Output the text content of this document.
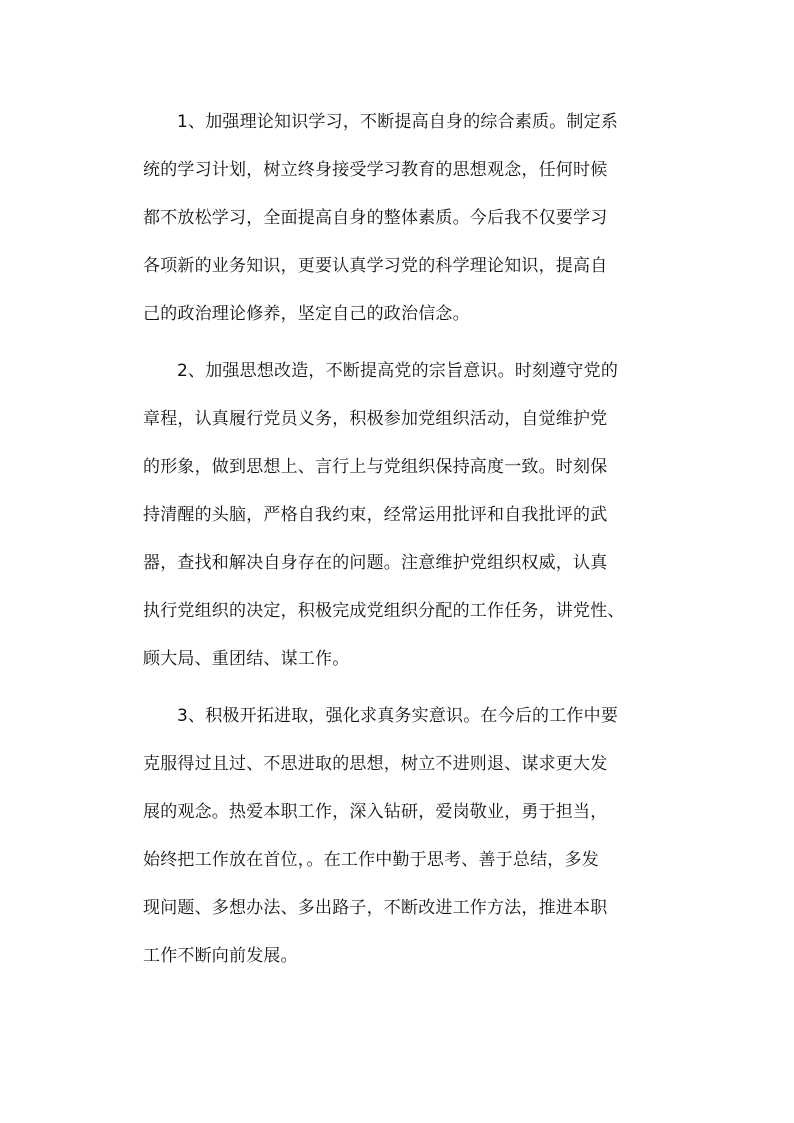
1、加强理论知识学习，不断提高自身的综合素质。制定系
统的学习计划，树立终身接受学习教育的思想观念，任何时候
都不放松学习，全面提高自身的整体素质。今后我不仅要学习
各项新的业务知识，更要认真学习党的科学理论知识，提高自
己的政治理论修养，坚定自己的政治信念。
2、加强思想改造，不断提高党的宗旨意识。时刻遵守党的
章程，认真履行党员义务，积极参加党组织活动，自觉维护党
的形象，做到思想上、言行上与党组织保持高度一致。时刻保
持清醒的头脑，严格自我约束，经常运用批评和自我批评的武
器，查找和解决自身存在的问题。注意维护党组织权威，认真
执行党组织的决定，积极完成党组织分配的工作任务，讲党性、
顾大局、重团结、谋工作。
3、积极开拓进取，强化求真务实意识。在今后的工作中要
克服得过且过、不思进取的思想，树立不进则退、谋求更大发
展的观念。热爱本职工作，深入钻研，爱岗敬业，勇于担当，
始终把工作放在首位，。在工作中勤于思考、善于总结，多发
现问题、多想办法、多出路子，不断改进工作方法，推进本职
工作不断向前发展。
